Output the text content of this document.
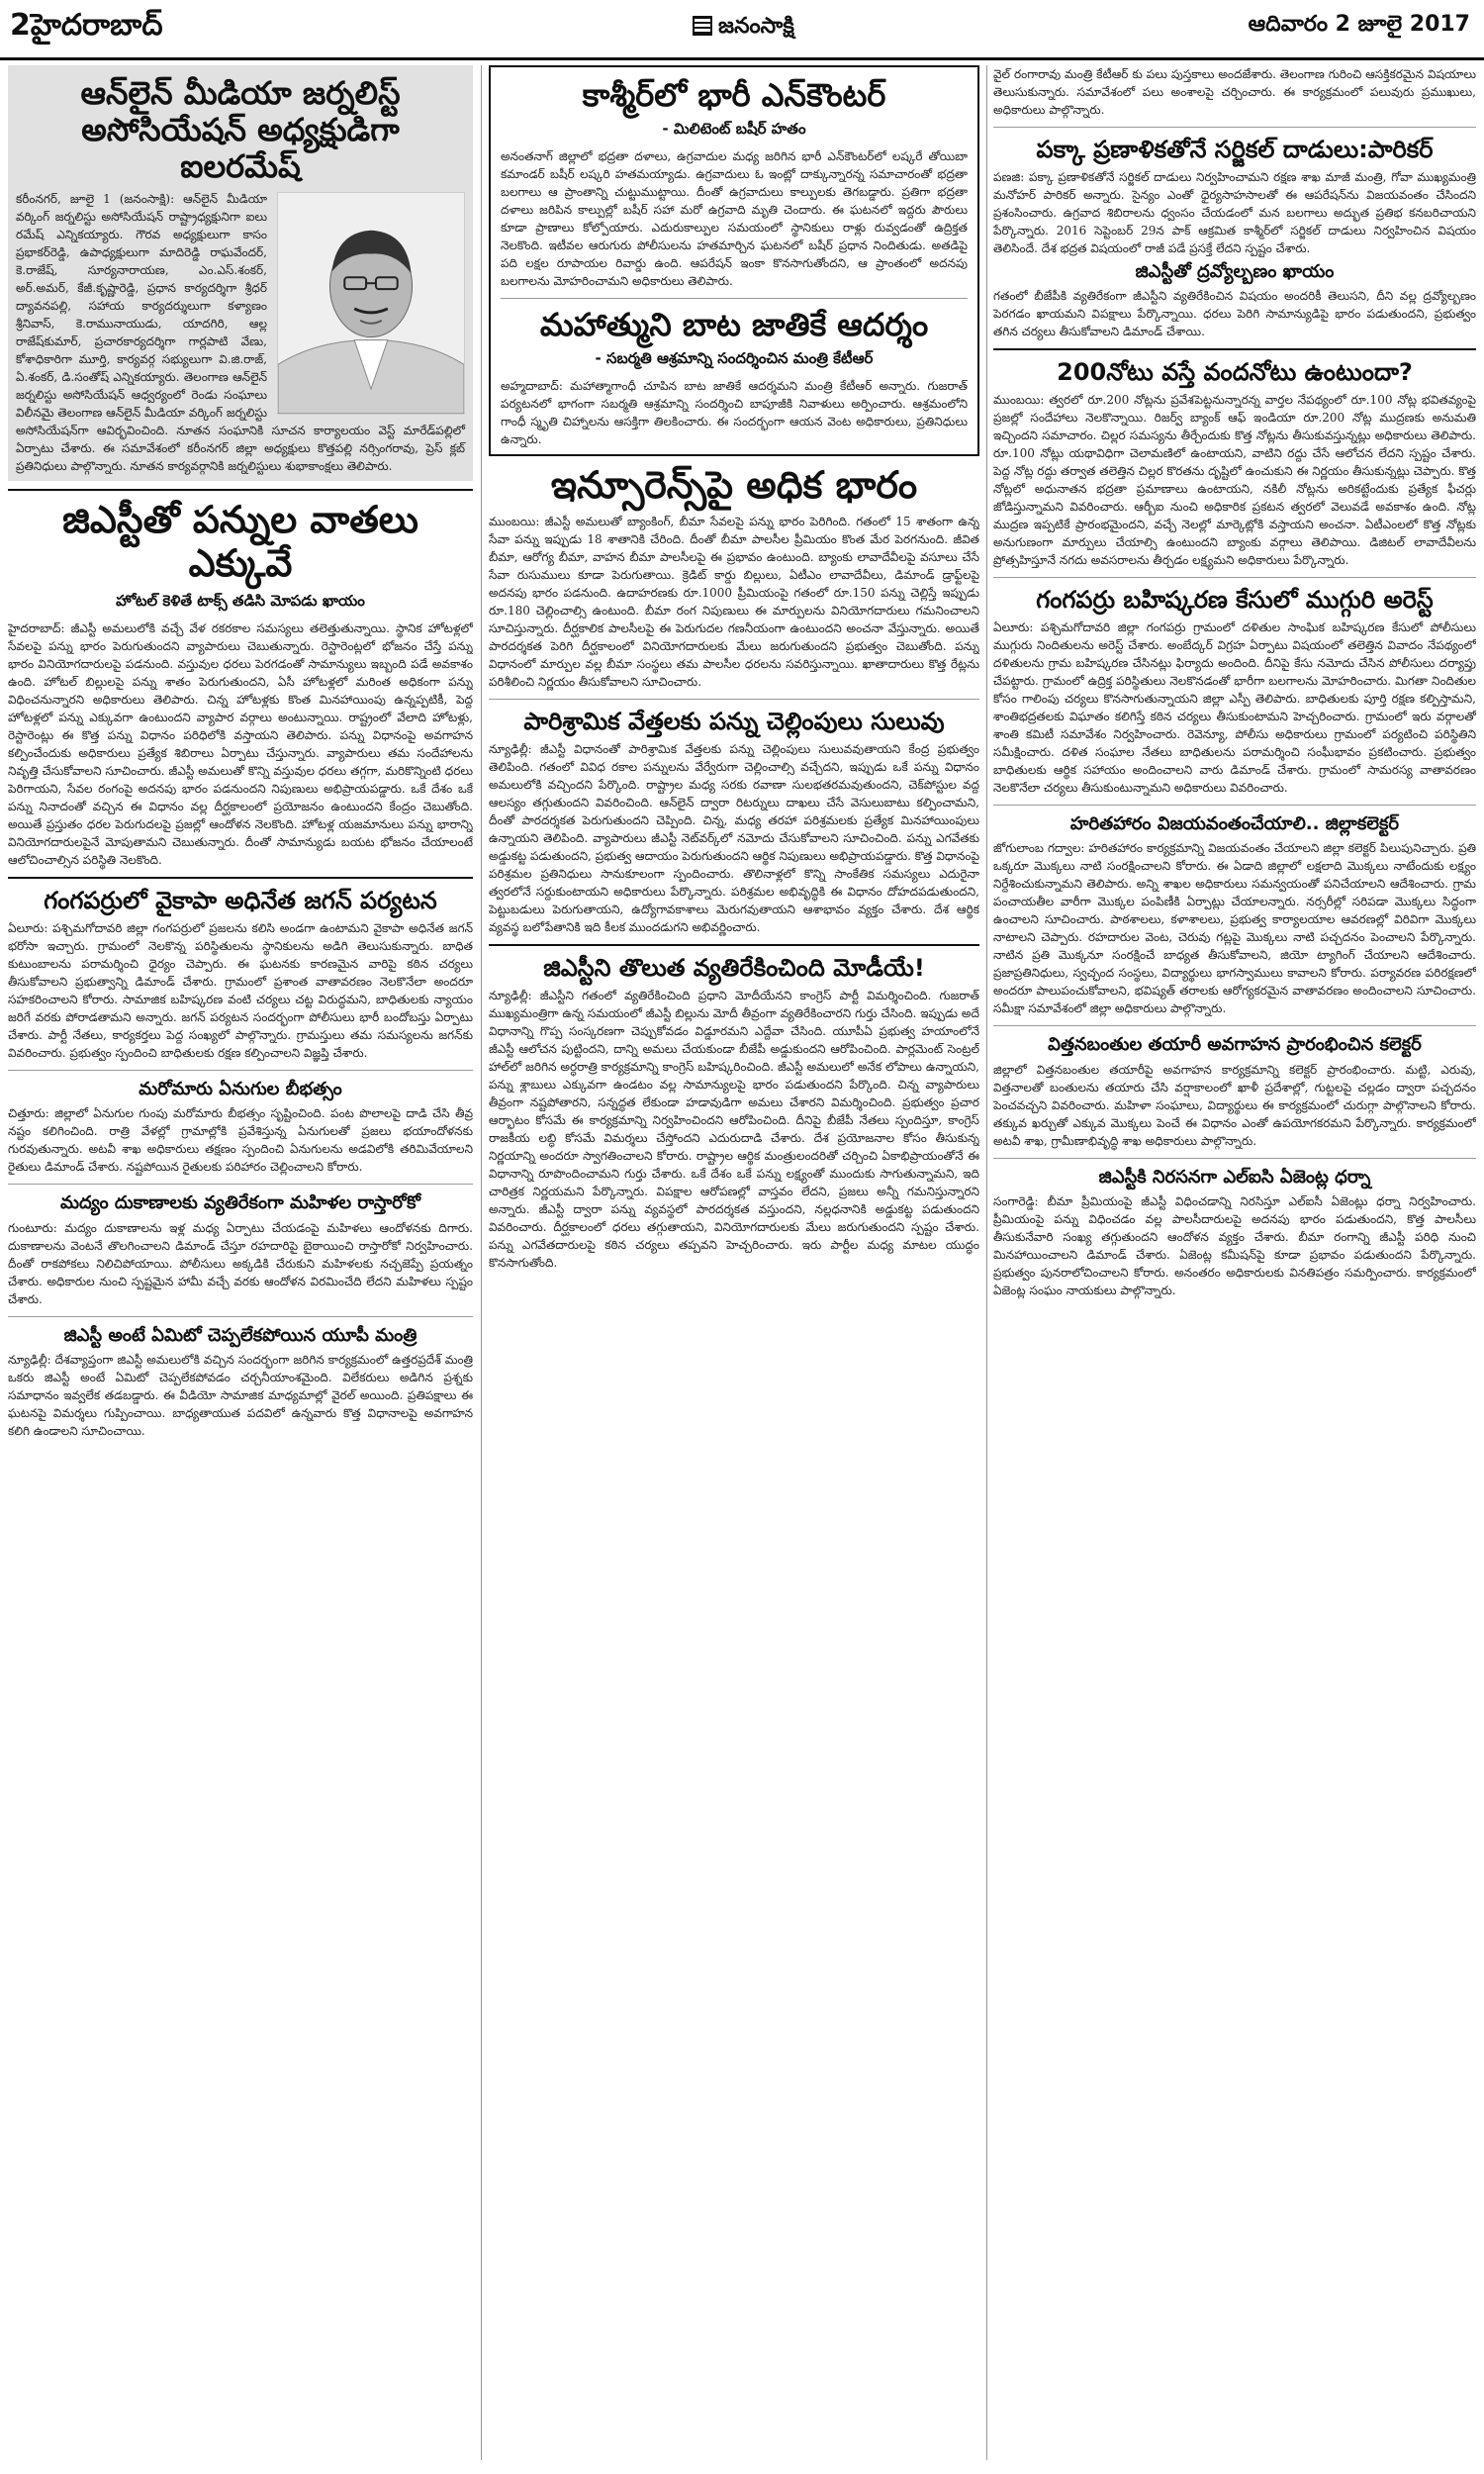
2హైదరాబాద్	జనంసాక్షి	ఆదివారం 2 జూలై 2017
ఆన్‌లైన్ మీడియా జర్నలిస్ట్ అసోసియేషన్ అధ్యక్షుడిగా ఐలరమేష్
కరీంనగర్, జూలై 1 (జనంసాక్షి): ఆన్‌లైన్ మీడియా వర్కింగ్ జర్నలిస్టు అసోసియేషన్ రాష్ట్రాధ్యక్షునిగా ఐలు రమేష్ ఎన్నికయ్యారు. గౌరవ అధ్యక్షులుగా కాసం ప్రభాకర్‌రెడ్డి, ఉపాధ్యక్షులుగా మాదిరెడ్డి రాఘవేందర్, కె.రాజేష్, సూర్యనారాయణ, ఎం.ఎస్.శంకర్, అర్.అమర్, కేజీ.కృష్ణారెడ్డి, ప్రధాన కార్యదర్శిగా శ్రీధర్ ద్యావనపల్లి, సహాయ కార్యదర్శులుగా కళ్యాణం శ్రీనివాస్, కె.రామునాయుడు, యాదగిరి, ఆల్ల రాజేష్‌కుమార్, ప్రచారకార్యదర్శిగా గార్లపాటి వేణు, కోశాధికారిగా మూర్తి, కార్యవర్గ సభ్యులుగా వి.జి.రాజ్, ఏ.శంకర్, డి.సంతోష్ ఎన్నికయ్యారు. తెలంగాణ ఆన్‌లైన్ జర్నలిస్టు అసోసియేషన్ ఆధ్వర్యంలో రెండు సంఘాలు విలీనమై తెలంగాణ ఆన్‌లైన్ మీడియా వర్కింగ్ జర్నలిస్టు అసోసియేషన్‌గా ఆవిర్భవించింది. నూతన సంఘానికి సూచన కార్యాలయం వెస్ట్ మారేడ్‌పల్లిలో ఏర్పాటు చేశారు. ఈ సమావేశంలో కరీంనగర్ జిల్లా అధ్యక్షులు కొత్తపల్లి నర్సింగరావు, ప్రెస్ క్లబ్ ప్రతినిధులు పాల్గొన్నారు. నూతన కార్యవర్గానికి జర్నలిస్టులు శుభాకాంక్షలు తెలిపారు.
జిఎస్టీతో పన్నుల వాతలు ఎక్కువే
హోటల్ కెళితే టాక్స్ తడిసి మోపడు ఖాయం
హైదరాబాద్: జీఎస్టీ అమలులోకి వచ్చే వేళ రకరకాల సమస్యలు తలెత్తుతున్నాయి. స్థానిక హోటళ్లలో సేవలపై పన్ను భారం పెరుగుతుందని వ్యాపారులు చెబుతున్నారు. రెస్టారెంట్లలో భోజనం చేస్తే పన్ను భారం వినియోగదారులపై పడనుంది. వస్తువుల ధరలు పెరగడంతో సామాన్యులు ఇబ్బంది పడే అవకాశం ఉంది. హోటల్ బిల్లులపై పన్ను శాతం పెరుగుతుందని, ఏసీ హోటళ్లలో మరింత అధికంగా పన్ను విధించనున్నారని అధికారులు తెలిపారు. చిన్న హోటళ్లకు కొంత మినహాయింపు ఉన్నప్పటికీ, పెద్ద హోటళ్లలో పన్ను ఎక్కువగా ఉంటుందని వ్యాపార వర్గాలు అంటున్నాయి. రాష్ట్రంలో వేలాది హోటళ్లు, రెస్టారెంట్లు ఈ కొత్త పన్ను విధానం పరిధిలోకి వస్తాయని తెలిపారు. పన్ను విధానంపై అవగాహన కల్పించేందుకు అధికారులు ప్రత్యేక శిబిరాలు ఏర్పాటు చేస్తున్నారు. వ్యాపారులు తమ సందేహాలను నివృత్తి చేసుకోవాలని సూచించారు. జీఎస్టీ అమలుతో కొన్ని వస్తువుల ధరలు తగ్గగా, మరికొన్నింటి ధరలు పెరిగాయని, సేవల రంగంపై అదనపు భారం పడనుందని నిపుణులు అభిప్రాయపడ్డారు. ఒకే దేశం ఒకే పన్ను నినాదంతో వచ్చిన ఈ విధానం వల్ల దీర్ఘకాలంలో ప్రయోజనం ఉంటుందని కేంద్రం చెబుతోంది. అయితే ప్రస్తుతం ధరల పెరుగుదలపై ప్రజల్లో ఆందోళన నెలకొంది. హోటళ్ల యజమానులు పన్ను భారాన్ని వినియోగదారులపైనే మోపుతామని చెబుతున్నారు. దీంతో సామాన్యుడు బయట భోజనం చేయాలంటే ఆలోచించాల్సిన పరిస్థితి నెలకొంది.
గంగపర్రులో వైకాపా అధినేత జగన్ పర్యటన
ఏలూరు: పశ్చిమగోదావరి జిల్లా గంగపర్రులో ప్రజలను కలిసి అండగా ఉంటామని వైకాపా అధినేత జగన్ భరోసా ఇచ్చారు. గ్రామంలో నెలకొన్న పరిస్థితులను స్థానికులను అడిగి తెలుసుకున్నారు. బాధిత కుటుంబాలను పరామర్శించి ధైర్యం చెప్పారు. ఈ ఘటనకు కారణమైన వారిపై కఠిన చర్యలు తీసుకోవాలని ప్రభుత్వాన్ని డిమాండ్ చేశారు. గ్రామంలో ప్రశాంత వాతావరణం నెలకొనేలా అందరూ సహకరించాలని కోరారు. సామాజిక బహిష్కరణ వంటి చర్యలు చట్ట విరుద్ధమని, బాధితులకు న్యాయం జరిగే వరకు పోరాడతామని అన్నారు. జగన్ పర్యటన సందర్భంగా పోలీసులు భారీ బందోబస్తు ఏర్పాటు చేశారు. పార్టీ నేతలు, కార్యకర్తలు పెద్ద సంఖ్యలో పాల్గొన్నారు. గ్రామస్తులు తమ సమస్యలను జగన్‌కు వివరించారు. ప్రభుత్వం స్పందించి బాధితులకు రక్షణ కల్పించాలని విజ్ఞప్తి చేశారు.
మరోమారు ఏనుగుల బీభత్సం
చిత్తూరు: జిల్లాలో ఏనుగుల గుంపు మరోమారు బీభత్సం సృష్టించింది. పంట పొలాలపై దాడి చేసి తీవ్ర నష్టం కలిగించింది. రాత్రి వేళల్లో గ్రామాల్లోకి ప్రవేశిస్తున్న ఏనుగులతో ప్రజలు భయాందోళనకు గురవుతున్నారు. అటవీ శాఖ అధికారులు తక్షణం స్పందించి ఏనుగులను అడవిలోకి తరిమివేయాలని రైతులు డిమాండ్ చేశారు. నష్టపోయిన రైతులకు పరిహారం చెల్లించాలని కోరారు.
మద్యం దుకాణాలకు వ్యతిరేకంగా మహిళల రాస్తారోకో
గుంటూరు: మద్యం దుకాణాలను ఇళ్ల మధ్య ఏర్పాటు చేయడంపై మహిళలు ఆందోళనకు దిగారు. దుకాణాలను వెంటనే తొలగించాలని డిమాండ్ చేస్తూ రహదారిపై బైఠాయించి రాస్తారోకో నిర్వహించారు. దీంతో రాకపోకలు నిలిచిపోయాయి. పోలీసులు అక్కడికి చేరుకుని మహిళలకు నచ్చజెప్పే ప్రయత్నం చేశారు. అధికారుల నుంచి స్పష్టమైన హామీ వచ్చే వరకు ఆందోళన విరమించేది లేదని మహిళలు స్పష్టం చేశారు.
జిఎస్టీ అంటే ఏమిటో చెప్పలేకపోయిన యూపీ మంత్రి
న్యూఢిల్లీ: దేశవ్యాప్తంగా జిఎస్టీ అమలులోకి వచ్చిన సందర్భంగా జరిగిన కార్యక్రమంలో ఉత్తరప్రదేశ్ మంత్రి ఒకరు జిఎస్టీ అంటే ఏమిటో చెప్పలేకపోవడం చర్చనీయాంశమైంది. విలేకరులు అడిగిన ప్రశ్నకు సమాధానం ఇవ్వలేక తడబడ్డారు. ఈ వీడియో సామాజిక మాధ్యమాల్లో వైరల్ అయింది. ప్రతిపక్షాలు ఈ ఘటనపై విమర్శలు గుప్పించాయి. బాధ్యతాయుత పదవిలో ఉన్నవారు కొత్త విధానాలపై అవగాహన కలిగి ఉండాలని సూచించాయి.
కాశ్మీర్‌లో భారీ ఎన్‌కౌంటర్
- మిలిటెంట్ బషీర్ హతం
అనంతనాగ్ జిల్లాలో భద్రతా దళాలు, ఉగ్రవాదుల మధ్య జరిగిన భారీ ఎన్‌కౌంటర్‌లో లష్కరే తోయిబా కమాండర్ బషీర్ లష్కరి హతమయ్యాడు. ఉగ్రవాదులు ఓ ఇంట్లో దాక్కున్నారన్న సమాచారంతో భద్రతా బలగాలు ఆ ప్రాంతాన్ని చుట్టుముట్టాయి. దీంతో ఉగ్రవాదులు కాల్పులకు తెగబడ్డారు. ప్రతిగా భద్రతా దళాలు జరిపిన కాల్పుల్లో బషీర్ సహా మరో ఉగ్రవాది మృతి చెందారు. ఈ ఘటనలో ఇద్దరు పౌరులు కూడా ప్రాణాలు కోల్పోయారు. ఎదురుకాల్పుల సమయంలో స్థానికులు రాళ్లు రువ్వడంతో ఉద్రిక్తత నెలకొంది. ఇటీవల ఆరుగురు పోలీసులను హతమార్చిన ఘటనలో బషీర్ ప్రధాన నిందితుడు. అతడిపై పది లక్షల రూపాయల రివార్డు ఉంది. ఆపరేషన్ ఇంకా కొనసాగుతోందని, ఆ ప్రాంతంలో అదనపు బలగాలను మోహరించామని అధికారులు తెలిపారు.
మహాత్ముని బాట జాతికే ఆదర్శం
- సబర్మతి ఆశ్రమాన్ని సందర్శించిన మంత్రి కేటీఆర్
అహ్మదాబాద్: మహాత్మాగాంధీ చూపిన బాట జాతికే ఆదర్శమని మంత్రి కేటీఆర్ అన్నారు. గుజరాత్ పర్యటనలో భాగంగా సబర్మతి ఆశ్రమాన్ని సందర్శించి బాపూజీకి నివాళులు అర్పించారు. ఆశ్రమంలోని గాంధీ స్మృతి చిహ్నాలను ఆసక్తిగా తిలకించారు. ఈ సందర్భంగా ఆయన వెంట అధికారులు, ప్రతినిధులు ఉన్నారు.
ఇన్సూరెన్స్‌పై అధిక భారం
ముంబయి: జీఎస్టీ అమలుతో బ్యాంకింగ్, బీమా సేవలపై పన్ను భారం పెరిగింది. గతంలో 15 శాతంగా ఉన్న సేవా పన్ను ఇప్పుడు 18 శాతానికి చేరింది. దీంతో బీమా పాలసీల ప్రీమియం కొంత మేర పెరగనుంది. జీవిత బీమా, ఆరోగ్య బీమా, వాహన బీమా పాలసీలపై ఈ ప్రభావం ఉంటుంది. బ్యాంకు లావాదేవీలపై వసూలు చేసే సేవా రుసుములు కూడా పెరుగుతాయి. క్రెడిట్ కార్డు బిల్లులు, ఏటీఎం లావాదేవీలు, డిమాండ్ డ్రాఫ్ట్‌లపై అదనపు భారం పడనుంది. ఉదాహరణకు రూ.1000 ప్రీమియంపై గతంలో రూ.150 పన్ను చెల్లిస్తే ఇప్పుడు రూ.180 చెల్లించాల్సి ఉంటుంది. బీమా రంగ నిపుణులు ఈ మార్పులను వినియోగదారులు గమనించాలని సూచిస్తున్నారు. దీర్ఘకాలిక పాలసీలపై ఈ పెరుగుదల గణనీయంగా ఉంటుందని అంచనా వేస్తున్నారు. అయితే పారదర్శకత పెరిగి దీర్ఘకాలంలో వినియోగదారులకు మేలు జరుగుతుందని ప్రభుత్వం చెబుతోంది. పన్ను విధానంలో మార్పుల వల్ల బీమా సంస్థలు తమ పాలసీల ధరలను సవరిస్తున్నాయి. ఖాతాదారులు కొత్త రేట్లను పరిశీలించి నిర్ణయం తీసుకోవాలని సూచించారు.
పారిశ్రామిక వేత్తలకు పన్ను చెల్లింపులు సులువు
న్యూఢిల్లీ: జీఎస్టీ విధానంతో పారిశ్రామిక వేత్తలకు పన్ను చెల్లింపులు సులువవుతాయని కేంద్ర ప్రభుత్వం తెలిపింది. గతంలో వివిధ రకాల పన్నులను వేర్వేరుగా చెల్లించాల్సి వచ్చేదని, ఇప్పుడు ఒకే పన్ను విధానం అమలులోకి వచ్చిందని పేర్కొంది. రాష్ట్రాల మధ్య సరకు రవాణా సులభతరమవుతుందని, చెక్‌పోస్టుల వద్ద ఆలస్యం తగ్గుతుందని వివరించింది. ఆన్‌లైన్ ద్వారా రిటర్నులు దాఖలు చేసే వెసులుబాటు కల్పించామని, దీంతో పారదర్శకత పెరుగుతుందని చెప్పింది. చిన్న, మధ్య తరహా పరిశ్రమలకు ప్రత్యేక మినహాయింపులు ఉన్నాయని తెలిపింది. వ్యాపారులు జీఎస్టీ నెట్‌వర్క్‌లో నమోదు చేసుకోవాలని సూచించింది. పన్ను ఎగవేతకు అడ్డుకట్ట పడుతుందని, ప్రభుత్వ ఆదాయం పెరుగుతుందని ఆర్థిక నిపుణులు అభిప్రాయపడ్డారు. కొత్త విధానంపై పరిశ్రమల ప్రతినిధులు సానుకూలంగా స్పందించారు. తొలినాళ్లలో కొన్ని సాంకేతిక సమస్యలు ఎదురైనా త్వరలోనే సర్దుకుంటాయని అధికారులు పేర్కొన్నారు. పరిశ్రమల అభివృద్ధికి ఈ విధానం దోహదపడుతుందని, పెట్టుబడులు పెరుగుతాయని, ఉద్యోగావకాశాలు మెరుగవుతాయని ఆశాభావం వ్యక్తం చేశారు. దేశ ఆర్థిక వ్యవస్థ బలోపేతానికి ఇది కీలక ముందడుగని అభివర్ణించారు.
జిఎస్టీని తొలుత వ్యతిరేకించింది మోడీయే!
న్యూఢిల్లీ: జీఎస్టీని గతంలో వ్యతిరేకించింది ప్రధాని మోదీయేనని కాంగ్రెస్ పార్టీ విమర్శించింది. గుజరాత్ ముఖ్యమంత్రిగా ఉన్న సమయంలో జీఎస్టీ బిల్లును మోదీ తీవ్రంగా వ్యతిరేకించారని గుర్తు చేసింది. ఇప్పుడు అదే విధానాన్ని గొప్ప సంస్కరణగా చెప్పుకోవడం విడ్డూరమని ఎద్దేవా చేసింది. యూపీఏ ప్రభుత్వ హయాంలోనే జీఎస్టీ ఆలోచన పుట్టిందని, దాన్ని అమలు చేయకుండా బీజేపీ అడ్డుకుందని ఆరోపించింది. పార్లమెంట్ సెంట్రల్ హాల్‌లో జరిగిన అర్ధరాత్రి కార్యక్రమాన్ని కాంగ్రెస్ బహిష్కరించింది. జీఎస్టీ అమలులో అనేక లోపాలు ఉన్నాయని, పన్ను శ్లాబులు ఎక్కువగా ఉండటం వల్ల సామాన్యులపై భారం పడుతుందని పేర్కొంది. చిన్న వ్యాపారులు తీవ్రంగా నష్టపోతారని, సన్నద్ధత లేకుండా హడావుడిగా అమలు చేశారని విమర్శించింది. ప్రభుత్వం ప్రచార ఆర్భాటం కోసమే ఈ కార్యక్రమాన్ని నిర్వహించిందని ఆరోపించింది. దీనిపై బీజేపీ నేతలు స్పందిస్తూ, కాంగ్రెస్ రాజకీయ లబ్ధి కోసమే విమర్శలు చేస్తోందని ఎదురుదాడి చేశారు. దేశ ప్రయోజనాల కోసం తీసుకున్న నిర్ణయాన్ని అందరూ స్వాగతించాలని కోరారు. రాష్ట్రాల ఆర్థిక మంత్రులందరితో చర్చించి ఏకాభిప్రాయంతోనే ఈ విధానాన్ని రూపొందించామని గుర్తు చేశారు. ఒకే దేశం ఒకే పన్ను లక్ష్యంతో ముందుకు సాగుతున్నామని, ఇది చారిత్రక నిర్ణయమని పేర్కొన్నారు. విపక్షాల ఆరోపణల్లో వాస్తవం లేదని, ప్రజలు అన్నీ గమనిస్తున్నారని అన్నారు. జీఎస్టీ ద్వారా పన్ను వ్యవస్థలో పారదర్శకత వస్తుందని, నల్లధనానికి అడ్డుకట్ట పడుతుందని వివరించారు. దీర్ఘకాలంలో ధరలు తగ్గుతాయని, వినియోగదారులకు మేలు జరుగుతుందని స్పష్టం చేశారు. పన్ను ఎగవేతదారులపై కఠిన చర్యలు తప్పవని హెచ్చరించారు. ఇరు పార్టీల మధ్య మాటల యుద్ధం కొనసాగుతోంది.
వైల్ రంగారావు మంత్రి కేటీఆర్ కు పలు పుస్తకాలు అందజేశారు. తెలంగాణ గురించి ఆసక్తికరమైన విషయాలు తెలుసుకున్నారు. సమావేశంలో పలు అంశాలపై చర్చించారు. ఈ కార్యక్రమంలో పలువురు ప్రముఖులు, అధికారులు పాల్గొన్నారు.
పక్కా ప్రణాళికతోనే సర్జికల్ దాడులు:పారికర్
పణజి: పక్కా ప్రణాళికతోనే సర్జికల్ దాడులు నిర్వహించామని రక్షణ శాఖ మాజీ మంత్రి, గోవా ముఖ్యమంత్రి మనోహర్ పారికర్ అన్నారు. సైన్యం ఎంతో ధైర్యసాహసాలతో ఈ ఆపరేషన్‌ను విజయవంతం చేసిందని ప్రశంసించారు. ఉగ్రవాద శిబిరాలను ధ్వంసం చేయడంలో మన బలగాలు అద్భుత ప్రతిభ కనబరిచాయని పేర్కొన్నారు. 2016 సెప్టెంబర్ 29న పాక్ ఆక్రమిత కాశ్మీర్‌లో సర్జికల్ దాడులు నిర్వహించిన విషయం తెలిసిందే. దేశ భద్రత విషయంలో రాజీ పడే ప్రసక్తే లేదని స్పష్టం చేశారు.
జిఎస్టీతో ద్రవ్యోల్బణం ఖాయం
గతంలో బీజేపీకి వ్యతిరేకంగా జీఎస్టీని వ్యతిరేకించిన విషయం అందరికీ తెలుసని, దీని వల్ల ద్రవ్యోల్బణం పెరగడం ఖాయమని విపక్షాలు పేర్కొన్నాయి. ధరలు పెరిగి సామాన్యుడిపై భారం పడుతుందని, ప్రభుత్వం తగిన చర్యలు తీసుకోవాలని డిమాండ్ చేశాయి.
200నోటు వస్తే వందనోటు ఉంటుందా?
ముంబయి: త్వరలో రూ.200 నోట్లను ప్రవేశపెట్టనున్నారన్న వార్తల నేపథ్యంలో రూ.100 నోట్ల భవితవ్యంపై ప్రజల్లో సందేహాలు నెలకొన్నాయి. రిజర్వ్ బ్యాంక్ ఆఫ్ ఇండియా రూ.200 నోట్ల ముద్రణకు అనుమతి ఇచ్చిందని సమాచారం. చిల్లర సమస్యను తీర్చేందుకు కొత్త నోట్లను తీసుకువస్తున్నట్లు అధికారులు తెలిపారు. రూ.100 నోట్లు యథావిధిగా చెలామణిలో ఉంటాయని, వాటిని రద్దు చేసే ఆలోచన లేదని స్పష్టం చేశారు. పెద్ద నోట్ల రద్దు తర్వాత తలెత్తిన చిల్లర కొరతను దృష్టిలో ఉంచుకుని ఈ నిర్ణయం తీసుకున్నట్లు చెప్పారు. కొత్త నోట్లలో అధునాతన భద్రతా ప్రమాణాలు ఉంటాయని, నకిలీ నోట్లను అరికట్టేందుకు ప్రత్యేక ఫీచర్లు జోడిస్తున్నామని వివరించారు. ఆర్బీఐ నుంచి అధికారిక ప్రకటన త్వరలో వెలువడే అవకాశం ఉంది. నోట్ల ముద్రణ ఇప్పటికే ప్రారంభమైందని, వచ్చే నెలల్లో మార్కెట్లోకి వస్తాయని అంచనా. ఏటీఎంలలో కొత్త నోట్లకు అనుగుణంగా మార్పులు చేయాల్సి ఉంటుందని బ్యాంకు వర్గాలు తెలిపాయి. డిజిటల్ లావాదేవీలను ప్రోత్సహిస్తూనే నగదు అవసరాలను తీర్చడం లక్ష్యమని అధికారులు పేర్కొన్నారు.
గంగపర్రు బహిష్కరణ కేసులో ముగ్గురి అరెస్ట్
ఏలూరు: పశ్చిమగోదావరి జిల్లా గంగపర్రు గ్రామంలో దళితుల సాంఘిక బహిష్కరణ కేసులో పోలీసులు ముగ్గురు నిందితులను అరెస్ట్ చేశారు. అంబేద్కర్ విగ్రహ ఏర్పాటు విషయంలో తలెత్తిన వివాదం నేపథ్యంలో దళితులను గ్రామ బహిష్కరణ చేసినట్లు ఫిర్యాదు అందింది. దీనిపై కేసు నమోదు చేసిన పోలీసులు దర్యాప్తు చేపట్టారు. గ్రామంలో ఉద్రిక్త పరిస్థితులు నెలకొనడంతో భారీగా బలగాలను మోహరించారు. మిగతా నిందితుల కోసం గాలింపు చర్యలు కొనసాగుతున్నాయని జిల్లా ఎస్పీ తెలిపారు. బాధితులకు పూర్తి రక్షణ కల్పిస్తామని, శాంతిభద్రతలకు విఘాతం కలిగిస్తే కఠిన చర్యలు తీసుకుంటామని హెచ్చరించారు. గ్రామంలో ఇరు వర్గాలతో శాంతి కమిటీ సమావేశం నిర్వహించారు. రెవెన్యూ, పోలీసు అధికారులు గ్రామంలో పర్యటించి పరిస్థితిని సమీక్షించారు. దళిత సంఘాల నేతలు బాధితులను పరామర్శించి సంఘీభావం ప్రకటించారు. ప్రభుత్వం బాధితులకు ఆర్థిక సహాయం అందించాలని వారు డిమాండ్ చేశారు. గ్రామంలో సామరస్య వాతావరణం నెలకొనేలా చర్యలు తీసుకుంటున్నామని అధికారులు వివరించారు.
హరితహారం విజయవంతంచేయాలి.. జిల్లాకలెక్టర్
జోగులాంబ గద్వాల: హరితహారం కార్యక్రమాన్ని విజయవంతం చేయాలని జిల్లా కలెక్టర్ పిలుపునిచ్చారు. ప్రతి ఒక్కరూ మొక్కలు నాటి సంరక్షించాలని కోరారు. ఈ ఏడాది జిల్లాలో లక్షలాది మొక్కలు నాటేందుకు లక్ష్యం నిర్దేశించుకున్నామని తెలిపారు. అన్ని శాఖల అధికారులు సమన్వయంతో పనిచేయాలని ఆదేశించారు. గ్రామ పంచాయతీల వారీగా మొక్కల పంపిణీకి ఏర్పాట్లు చేయాలన్నారు. నర్సరీల్లో సరిపడా మొక్కలు సిద్ధంగా ఉంచాలని సూచించారు. పాఠశాలలు, కళాశాలలు, ప్రభుత్వ కార్యాలయాల ఆవరణల్లో విరివిగా మొక్కలు నాటాలని చెప్పారు. రహదారుల వెంట, చెరువు గట్లపై మొక్కలు నాటి పచ్చదనం పెంచాలని పేర్కొన్నారు. నాటిన ప్రతి మొక్కనూ సంరక్షించే బాధ్యత తీసుకోవాలని, జియో ట్యాగింగ్ చేయాలని ఆదేశించారు. ప్రజాప్రతినిధులు, స్వచ్ఛంద సంస్థలు, విద్యార్థులు భాగస్వాములు కావాలని కోరారు. పర్యావరణ పరిరక్షణలో అందరూ పాలుపంచుకోవాలని, భవిష్యత్ తరాలకు ఆరోగ్యకరమైన వాతావరణం అందించాలని సూచించారు. సమీక్షా సమావేశంలో జిల్లా అధికారులు పాల్గొన్నారు.
విత్తనబంతుల తయారీ అవగాహన ప్రారంభించిన కలెక్టర్
జిల్లాలో విత్తనబంతుల తయారీపై అవగాహన కార్యక్రమాన్ని కలెక్టర్ ప్రారంభించారు. మట్టి, ఎరువు, విత్తనాలతో బంతులను తయారు చేసి వర్షాకాలంలో ఖాళీ ప్రదేశాల్లో, గుట్టలపై చల్లడం ద్వారా పచ్చదనం పెంచవచ్చని వివరించారు. మహిళా సంఘాలు, విద్యార్థులు ఈ కార్యక్రమంలో చురుగ్గా పాల్గొనాలని కోరారు. తక్కువ ఖర్చుతో ఎక్కువ మొక్కలు పెంచే ఈ విధానం ఎంతో ఉపయోగకరమని పేర్కొన్నారు. కార్యక్రమంలో అటవీ శాఖ, గ్రామీణాభివృద్ధి శాఖ అధికారులు పాల్గొన్నారు.
జిఎస్టీకి నిరసనగా ఎల్ఐసి ఏజెంట్ల ధర్నా
సంగారెడ్డి: బీమా ప్రీమియంపై జీఎస్టీ విధించడాన్ని నిరసిస్తూ ఎల్ఐసీ ఏజెంట్లు ధర్నా నిర్వహించారు. ప్రీమియంపై పన్ను విధించడం వల్ల పాలసీదారులపై అదనపు భారం పడుతుందని, కొత్త పాలసీలు తీసుకునేవారి సంఖ్య తగ్గుతుందని ఆందోళన వ్యక్తం చేశారు. బీమా రంగాన్ని జీఎస్టీ పరిధి నుంచి మినహాయించాలని డిమాండ్ చేశారు. ఏజెంట్ల కమీషన్‌పై కూడా ప్రభావం పడుతుందని పేర్కొన్నారు. ప్రభుత్వం పునరాలోచించాలని కోరారు. అనంతరం అధికారులకు వినతిపత్రం సమర్పించారు. కార్యక్రమంలో ఏజెంట్ల సంఘం నాయకులు పాల్గొన్నారు.
